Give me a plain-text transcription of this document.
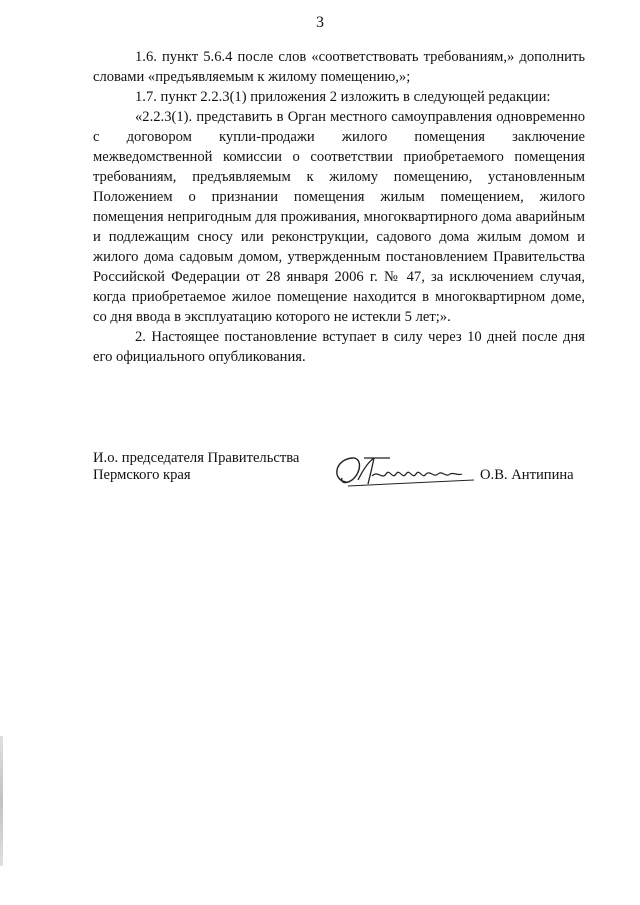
3

1.6. пункт 5.6.4 после слов «соответствовать требованиям,» дополнить словами «предъявляемым к жилому помещению,»;

1.7. пункт 2.2.3(1) приложения 2 изложить в следующей редакции:

«2.2.3(1). представить в Орган местного самоуправления одновременно с договором купли-продажи жилого помещения заключение межведомственной комиссии о соответствии приобретаемого помещения требованиям, предъявляемым к жилому помещению, установленным Положением о признании помещения жилым помещением, жилого помещения непригодным для проживания, многоквартирного дома аварийным и подлежащим сносу или реконструкции, садового дома жилым домом и жилого дома садовым домом, утвержденным постановлением Правительства Российской Федерации от 28 января 2006 г. № 47, за исключением случая, когда приобретаемое жилое помещение находится в многоквартирном доме, со дня ввода в эксплуатацию которого не истекли 5 лет;».

2. Настоящее постановление вступает в силу через 10 дней после дня его официального опубликования.

И.о. председателя Правительства
Пермского края	О.В. Антипина
